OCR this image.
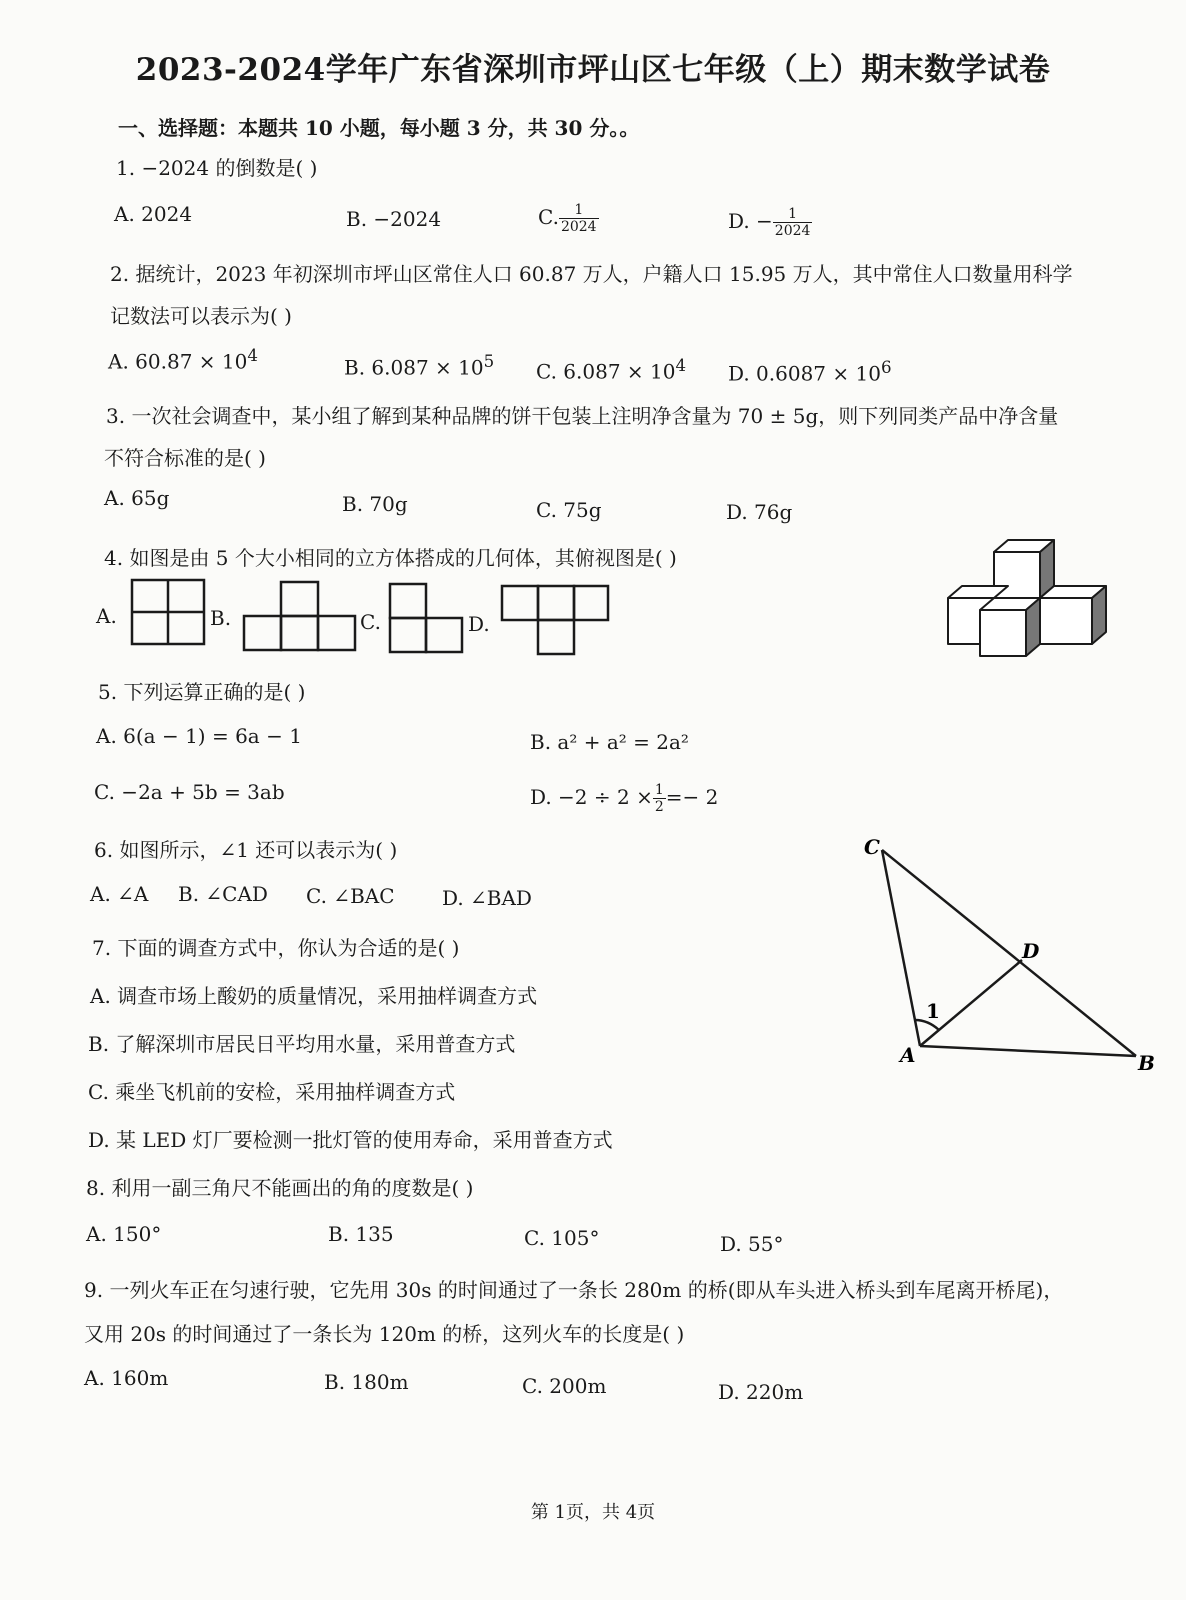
2023-2024学年广东省深圳市坪山区七年级（上）期末数学试卷
一、选择题：本题共 10 小题，每小题 3 分，共 30 分。。
1. −2024 的倒数是( )
A. 2024	B. −2024	C. $\frac{1}{2024}$	D. − $\frac{1}{2024}$
2. 据统计，2023 年初深圳市坪山区常住人口 60.87 万人，户籍人口 15.95 万人，其中常住人口数量用科学
记数法可以表示为( )
A. $60.87 \times 10^4$
B. $6.087 \times 10^5$ C. $6.087 \times 10^4$ D. $0.6087 \times 10^6$
3. 一次社会调查中，某小组了解到某种品牌的饼干包装上注明净含量为 70 ± 5g，则下列同类产品中净含量
不符合标准的是( )
A. 65g	B. 70g	C. 75g	D. 76g
4. 如图是由 5 个大小相同的立方体搭成的几何体，其俯视图是( )
A.	B.	C.	D.
5. 下列运算正确的是( )
A. 6(a − 1) = 6a − 1	B. a² + a² = 2a²
C. −2a + 5b = 3ab	D. $-2 \div 2 \times \frac{1}{2} =- 2$
6. 如图所示，∠1 还可以表示为( )
A. ∠A B. ∠CAD C. ∠BAC D. ∠BAD
C
D
A	B
1
7. 下面的调查方式中，你认为合适的是( )
A. 调查市场上酸奶的质量情况，采用抽样调查方式
B. 了解深圳市居民日平均用水量，采用普查方式
C. 乘坐飞机前的安检，采用抽样调查方式
D. 某 LED 灯厂要检测一批灯管的使用寿命，采用普查方式
8. 利用一副三角尺不能画出的角的度数是( )
A. 150°	B. 135	C. 105°	D. 55°
9. 一列火车正在匀速行驶，它先用 30s 的时间通过了一条长 280m 的桥(即从车头进入桥头到车尾离开桥尾)，
又用 20s 的时间通过了一条长为 120m 的桥，这列火车的长度是( )
A. 160m	B. 180m	C. 200m	D. 220m
第 1页，共 4页
